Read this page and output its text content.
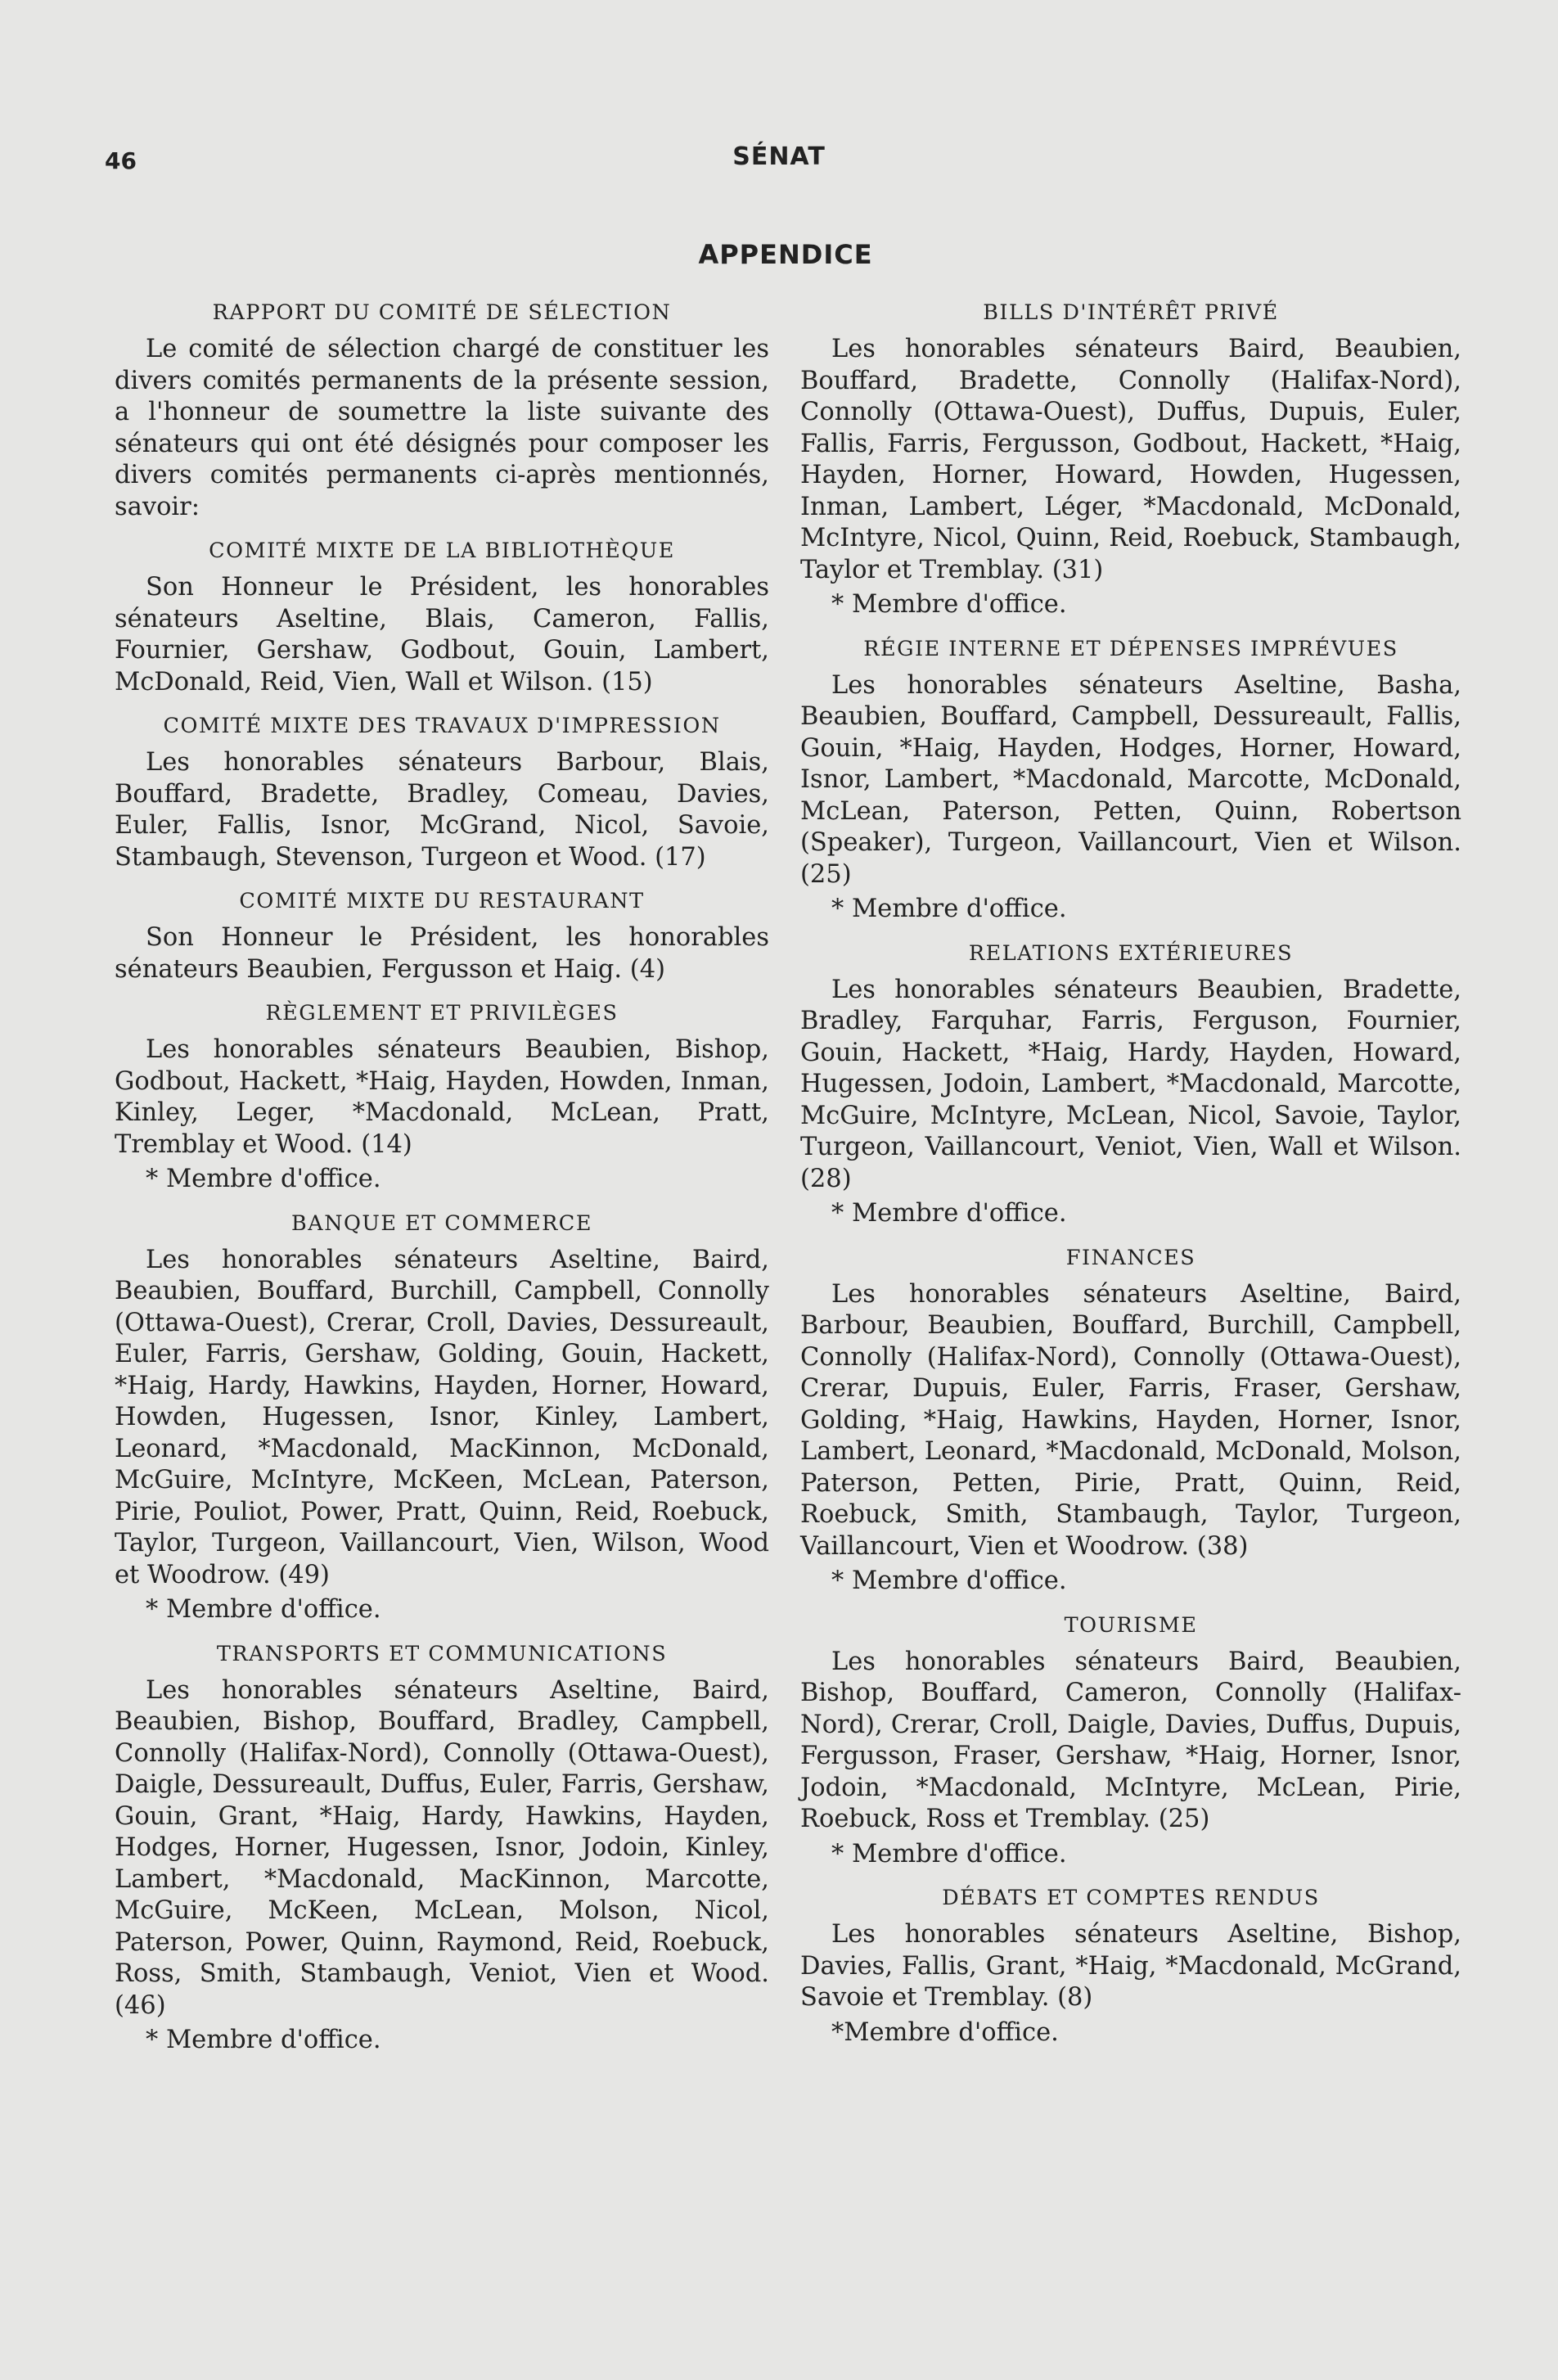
46	SÉNAT
APPENDICE
RAPPORT DU COMITÉ DE SÉLECTION

Le comité de sélection chargé de constituer les divers comités permanents de la présente session, a l'honneur de soumettre la liste suivante des sénateurs qui ont été désignés pour composer les divers comités permanents ci-après mentionnés, savoir:

COMITÉ MIXTE DE LA BIBLIOTHÈQUE

Son Honneur le Président, les honorables sénateurs Aseltine, Blais, Cameron, Fallis, Fournier, Gershaw, Godbout, Gouin, Lambert, McDonald, Reid, Vien, Wall et Wilson. (15)

COMITÉ MIXTE DES TRAVAUX D'IMPRESSION

Les honorables sénateurs Barbour, Blais, Bouffard, Bradette, Bradley, Comeau, Davies, Euler, Fallis, Isnor, McGrand, Nicol, Savoie, Stambaugh, Stevenson, Turgeon et Wood. (17)

COMITÉ MIXTE DU RESTAURANT

Son Honneur le Président, les honorables sénateurs Beaubien, Fergusson et Haig. (4)

RÈGLEMENT ET PRIVILÈGES

Les honorables sénateurs Beaubien, Bishop, Godbout, Hackett, *Haig, Hayden, Howden, Inman, Kinley, Leger, *Macdonald, McLean, Pratt, Tremblay et Wood. (14)

* Membre d'office.

BANQUE ET COMMERCE

Les honorables sénateurs Aseltine, Baird, Beaubien, Bouffard, Burchill, Campbell, Connolly (Ottawa-Ouest), Crerar, Croll, Davies, Dessureault, Euler, Farris, Gershaw, Golding, Gouin, Hackett, *Haig, Hardy, Hawkins, Hayden, Horner, Howard, Howden, Hugessen, Isnor, Kinley, Lambert, Leonard, *Macdonald, MacKinnon, McDonald, McGuire, McIntyre, McKeen, McLean, Paterson, Pirie, Pouliot, Power, Pratt, Quinn, Reid, Roebuck, Taylor, Turgeon, Vaillancourt, Vien, Wilson, Wood et Woodrow. (49)

* Membre d'office.

TRANSPORTS ET COMMUNICATIONS

Les honorables sénateurs Aseltine, Baird, Beaubien, Bishop, Bouffard, Bradley, Campbell, Connolly (Halifax-Nord), Connolly (Ottawa-Ouest), Daigle, Dessureault, Duffus, Euler, Farris, Gershaw, Gouin, Grant, *Haig, Hardy, Hawkins, Hayden, Hodges, Horner, Hugessen, Isnor, Jodoin, Kinley, Lambert, *Macdonald, MacKinnon, Marcotte, McGuire, McKeen, McLean, Molson, Nicol, Paterson, Power, Quinn, Raymond, Reid, Roebuck, Ross, Smith, Stambaugh, Veniot, Vien et Wood. (46)

* Membre d'office.

BILLS D'INTÉRÊT PRIVÉ

Les honorables sénateurs Baird, Beaubien, Bouffard, Bradette, Connolly (Halifax-Nord), Connolly (Ottawa-Ouest), Duffus, Dupuis, Euler, Fallis, Farris, Fergusson, Godbout, Hackett, *Haig, Hayden, Horner, Howard, Howden, Hugessen, Inman, Lambert, Léger, *Macdonald, McDonald, McIntyre, Nicol, Quinn, Reid, Roebuck, Stambaugh, Taylor et Tremblay. (31)

* Membre d'office.

RÉGIE INTERNE ET DÉPENSES IMPRÉVUES

Les honorables sénateurs Aseltine, Basha, Beaubien, Bouffard, Campbell, Dessureault, Fallis, Gouin, *Haig, Hayden, Hodges, Horner, Howard, Isnor, Lambert, *Macdonald, Marcotte, McDonald, McLean, Paterson, Petten, Quinn, Robertson (Speaker), Turgeon, Vaillancourt, Vien et Wilson. (25)

* Membre d'office.

RELATIONS EXTÉRIEURES

Les honorables sénateurs Beaubien, Bradette, Bradley, Farquhar, Farris, Ferguson, Fournier, Gouin, Hackett, *Haig, Hardy, Hayden, Howard, Hugessen, Jodoin, Lambert, *Macdonald, Marcotte, McGuire, McIntyre, McLean, Nicol, Savoie, Taylor, Turgeon, Vaillancourt, Veniot, Vien, Wall et Wilson. (28)

* Membre d'office.

FINANCES

Les honorables sénateurs Aseltine, Baird, Barbour, Beaubien, Bouffard, Burchill, Campbell, Connolly (Halifax-Nord), Connolly (Ottawa-Ouest), Crerar, Dupuis, Euler, Farris, Fraser, Gershaw, Golding, *Haig, Hawkins, Hayden, Horner, Isnor, Lambert, Leonard, *Macdonald, McDonald, Molson, Paterson, Petten, Pirie, Pratt, Quinn, Reid, Roebuck, Smith, Stambaugh, Taylor, Turgeon, Vaillancourt, Vien et Woodrow. (38)

* Membre d'office.

TOURISME

Les honorables sénateurs Baird, Beaubien, Bishop, Bouffard, Cameron, Connolly (Halifax-Nord), Crerar, Croll, Daigle, Davies, Duffus, Dupuis, Fergusson, Fraser, Gershaw, *Haig, Horner, Isnor, Jodoin, *Macdonald, McIntyre, McLean, Pirie, Roebuck, Ross et Tremblay. (25)

* Membre d'office.

DÉBATS ET COMPTES RENDUS

Les honorables sénateurs Aseltine, Bishop, Davies, Fallis, Grant, *Haig, *Macdonald, McGrand, Savoie et Tremblay. (8)

*Membre d'office.
